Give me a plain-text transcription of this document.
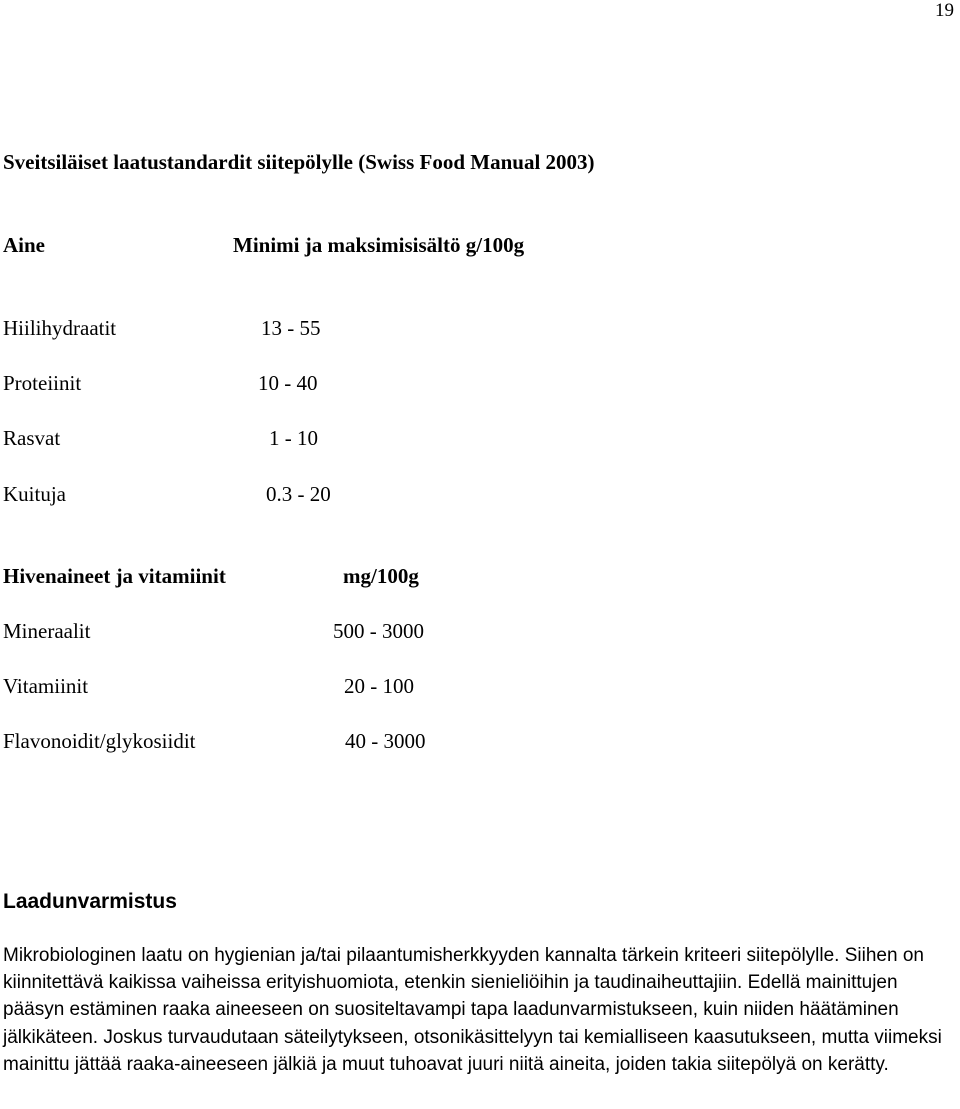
19
Sveitsiläiset laatustandardit siitepölylle (Swiss Food Manual 2003)
Aine	Minimi ja maksimisisältö g/100g
Hiilihydraatit	13 - 55
Proteiinit	10 - 40
Rasvat	1 - 10
Kuituja	0.3 - 20
Hivenaineet ja vitamiinit	mg/100g
Mineraalit	500 - 3000
Vitamiinit	20 - 100
Flavonoidit/glykosiidit	40 - 3000
Laadunvarmistus

Mikrobiologinen laatu on hygienian ja/tai pilaantumisherkkyyden kannalta tärkein kriteeri siitepölylle. Siihen on kiinnitettävä kaikissa vaiheissa erityishuomiota, etenkin sienieliöihin ja taudinaiheuttajiin. Edellä mainittujen pääsyn estäminen raaka aineeseen on suositeltavampi tapa laadunvarmistukseen, kuin niiden häätäminen jälkikäteen. Joskus turvaudutaan säteilytykseen, otsonikäsittelyyn tai kemialliseen kaasutukseen, mutta viimeksi mainittu jättää raaka-aineeseen jälkiä ja muut tuhoavat juuri niitä aineita, joiden takia siitepölyä on kerätty.
